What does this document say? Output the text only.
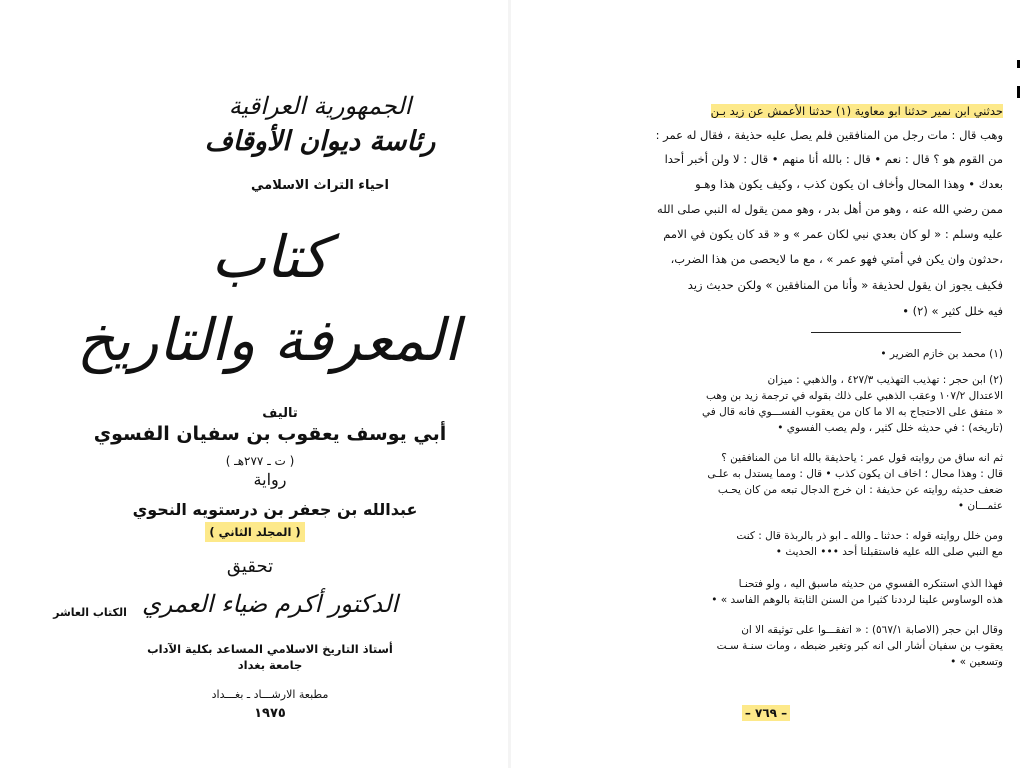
الجمهورية العراقية
رئاسة ديوان الأوقاف
احياء التراث الاسلامي
كتاب
المعرفة والتاريخ
تاليف
أبي يوسف يعقوب بن سفيان الفسوي
( ت ـ ٢٧٧هـ )
رواية
عبدالله بن جعفر بن درستويه النحوي
( المجلد الثاني )
تحقيق
الدكتور أكرم ضياء العمري
الكتاب العاشر
أستاذ التاريخ الاسلامي المساعد بكلية الآداب
جامعة بغداد
مطبعة الارشـــاد ـ بغـــداد
١٩٧٥
حدثني ابن نمير حدثنا ابو معاوية (١) حدثنا الأعمش عن زيد بـن
وهب قال : مات رجل من المنافقين فلم يصل عليه حذيفة ، فقال له عمر :
من القوم هو ؟ قال : نعم • قال : بالله أنا منهم • قال : لا ولن أخبر أحدا
بعدك • وهذا المحال وأخاف ان يكون كذب ، وكيف يكون هذا وهـو
ممن رضي الله عنه ، وهو من أهل بدر ، وهو ممن يقول له النبي صلى الله
عليه وسلم : « لو كان بعدي نبي لكان عمر » و « قد كان يكون في الامم
،حدثون وان يكن في أمتي فهو عمر » ، مع ما لايحصى من هذا الضرب،
فكيف يجوز ان يقول لحذيفة « وأنا من المنافقين » ولكن حديث زيد
فيه خلل كثير » (٢) •
(١) محمد بن خازم الضرير •
(٢) ابن حجر : تهذيب التهذيب ٤٢٧/٣ ، والذهبي : ميزان
الاعتدال ١٠٧/٢ وعقب الذهبي على ذلك بقوله في ترجمة زيد بن وهب
« متفق على الاحتجاج به الا ما كان من يعقوب الفســـوي فانه قال في
(تاريخه) : في حديثه خلل كثير ، ولم يصب الفسوي •
ثم انه ساق من روايته قول عمر : ياحذيفة بالله انا من المنافقين ؟
قال : وهذا محال ؛ اخاف ان يكون كذب • قال : ومما يستدل به علـى
ضعف حديثه روايته عن حذيفة : ان خرج الدجال تبعه من كان يحـب
عثمـــان •
ومن خلل روايته قوله : حدثنا ـ والله ـ ابو ذر بالربذة قال : كنت
مع النبي صلى الله عليه فاستقبلنا أحد ••• الحديث •
فهذا الذي استنكره الفسوي من حديثه ماسبق اليه ، ولو فتحنـا
هذه الوساوس علينا لرددنا كثيرا من السنن الثابتة بالوهم الفاسد » •
وقال ابن حجر (الاصابة ٥٦٧/١) : « اتفقـــوا على توثيقه الا ان
يعقوب بن سفيان أشار الى انه كبر وتغير ضبطه ، ومات سنـة سـت
وتسعين » •
– ٧٦٩ –
